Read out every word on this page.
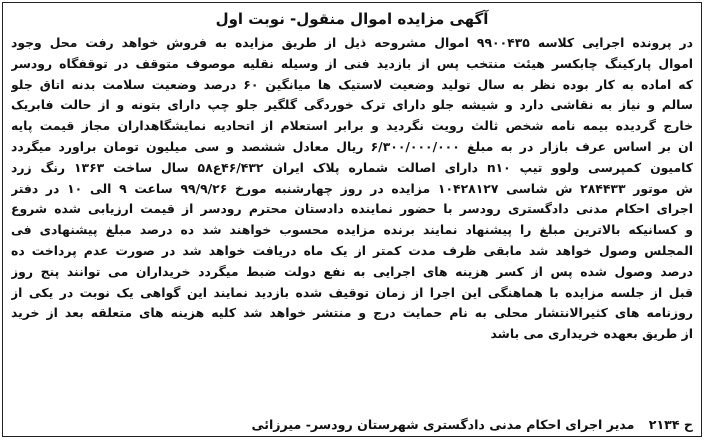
آگهی مزایده اموال منقول- نوبت اول
در پرونده اجرایی کلاسه ۹۹۰۰۴۳۵ اموال مشروحه ذیل از طریق مزایده به فروش خواهد رفت محل وجود
اموال پارکینگ چابکسر هیئت منتخب پس از بازدید فنی از وسیله نقلیه موصوف متوقف در توقفگاه رودسر
که اماده به کار بوده نظر به سال تولید وضعیت لاستیک ها میانگین ۶۰ درصد وضعیت سلامت بدنه اتاق جلو
سالم و نیاز به نقاشی دارد و شیشه جلو دارای ترک خوردگی گلگیر جلو چپ دارای بتونه و از حالت فابریک
خارج گردیده بیمه نامه شخص ثالث رویت نگردید و برابر استعلام از اتحادیه نمایشگاهداران مجاز قیمت پایه
ان بر اساس عرف بازار در به مبلغ ۶/۳۰۰/۰۰۰/۰۰۰ ریال معادل ششصد و سی میلیون تومان براورد میگردد
کامیون کمپرسی ولوو تیپ n۱۰ دارای اصالت شماره پلاک ایران ۴۶/۴۳۲ع۵۸ سال ساخت ۱۳۶۳ رنگ زرد
ش موتور ۲۸۴۴۳۳ ش شاسی ۱۰۴۲۸۱۲۷ مزایده در روز چهارشنبه مورخ ۹۹/۹/۲۶ ساعت ۹ الی ۱۰ در دفتر
اجرای احکام مدنی دادگستری رودسر با حضور نماینده دادستان محترم رودسر از قیمت ارزیابی شده شروع
و کسانیکه بالاترین مبلغ را پیشنهاد نمایند برنده مزایده محسوب خواهند شد ده درصد مبلغ پیشنهادی فی
المجلس وصول خواهد شد مابقی ظرف مدت کمتر از یک ماه دریافت خواهد شد در صورت عدم پرداخت ده
درصد وصول شده پس از کسر هزینه های اجرایی به نفع دولت ضبط میگردد خریداران می توانند پنج روز
قبل از جلسه مزایده با هماهنگی این اجرا از زمان توقیف شده بازدید نمایند این گواهی یک نوبت در یکی از
روزنامه های کثیرالانتشار محلی به نام حمایت درج و منتشر خواهد شد کلیه هزینه های متعلقه بعد از خرید
از طریق بعهده خریداری می باشد
ح ۲۱۳۴ مدیر اجرای احکام مدنی دادگستری شهرستان رودسر- میرزائی
